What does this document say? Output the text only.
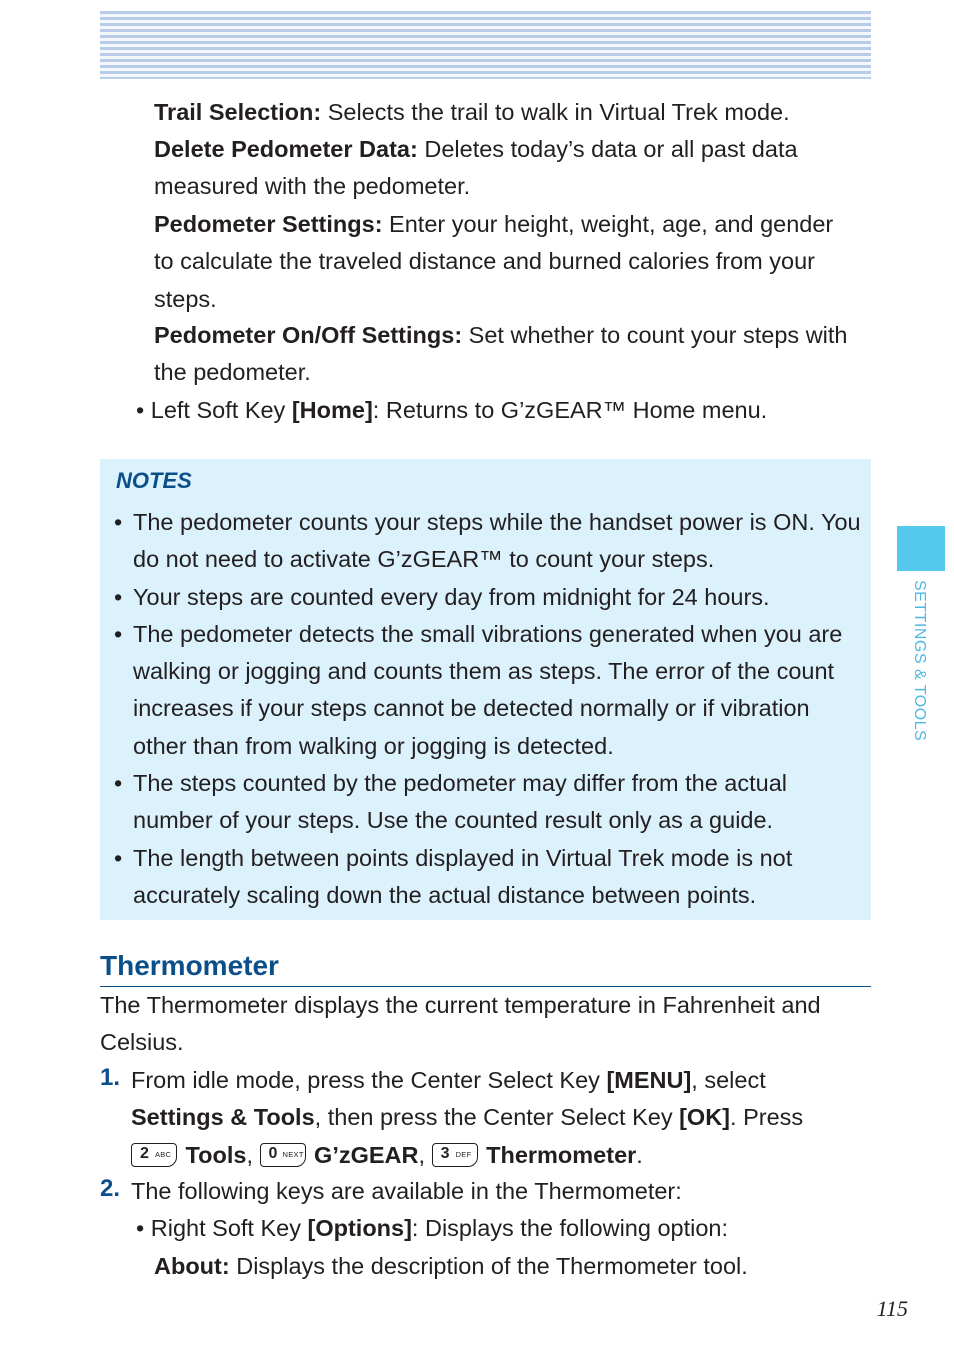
Trail Selection: Selects the trail to walk in Virtual Trek mode.
Delete Pedometer Data: Deletes today’s data or all past data measured with the pedometer.
Pedometer Settings: Enter your height, weight, age, and gender to calculate the traveled distance and burned calories from your steps.
Pedometer On/Off Settings: Set whether to count your steps with the pedometer.
• Left Soft Key [Home]: Returns to G’zGEAR™ Home menu.
NOTES
• The pedometer counts your steps while the handset power is ON. You do not need to activate G’zGEAR™ to count your steps.
• Your steps are counted every day from midnight for 24 hours.
• The pedometer detects the small vibrations generated when you are walking or jogging and counts them as steps. The error of the count increases if your steps cannot be detected normally or if vibration other than from walking or jogging is detected.
• The steps counted by the pedometer may differ from the actual number of your steps. Use the counted result only as a guide.
• The length between points displayed in Virtual Trek mode is not accurately scaling down the actual distance between points.
Thermometer
The Thermometer displays the current temperature in Fahrenheit and Celsius.
1. From idle mode, press the Center Select Key [MENU], select
Settings & Tools, then press the Center Select Key [OK]. Press

2 ABC Tools, 0 NEXT G’zGEAR, 3 DEF Thermometer.
2. The following keys are available in the Thermometer:
• Right Soft Key [Options]: Displays the following option:
About: Displays the description of the Thermometer tool.
SETTINGS & TOOLS
115
